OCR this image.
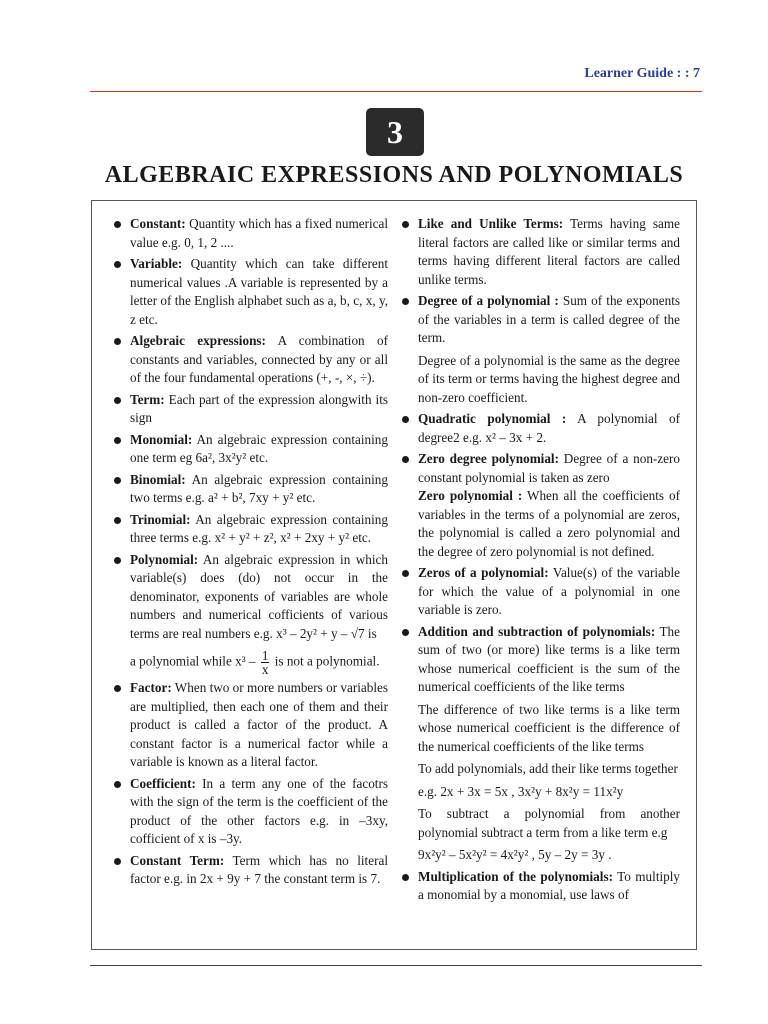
Learner Guide : : 7
3
ALGEBRAIC EXPRESSIONS AND POLYNOMIALS
Constant: Quantity which has a fixed numerical value e.g. 0, 1, 2 ....
Variable: Quantity which can take different numerical values .A variable is represented by a letter of the English alphabet such as a, b, c, x, y, z etc.
Algebraic expressions: A combination of constants and variables, connected by any or all of the four fundamental operations (+, -, ×, ÷).
Term: Each part of the expression alongwith its sign
Monomial: An algebraic expression containing one term eg 6a², 3x²y² etc.
Binomial: An algebraic expression containing two terms e.g. a² + b², 7xy + y² etc.
Trinomial: An algebraic expression containing three terms e.g. x² + y² + z², x² + 2xy + y² etc.
Polynomial: An algebraic expression in which variable(s) does (do) not occur in the denominator, exponents of variables are whole numbers and numerical cofficients of various terms are real numbers e.g. x³ – 2y² + y – √7 is
a polynomial while $x^3 - \frac{1}{x}$ is not a polynomial.
Factor: When two or more numbers or variables are multiplied, then each one of them and their product is called a factor of the product. A constant factor is a numerical factor while a variable is known as a literal factor.
Coefficient: In a term any one of the facotrs with the sign of the term is the coefficient of the product of the other factors e.g. in –3xy, cofficient of x is –3y.
Constant Term: Term which has no literal factor e.g. in 2x + 9y + 7 the constant term is 7.
Like and Unlike Terms: Terms having same literal factors are called like or similar terms and terms having different literal factors are called unlike terms.
Degree of a polynomial : Sum of the exponents of the variables in a term is called degree of the term.
Degree of a polynomial is the same as the degree of its term or terms having the highest degree and non-zero coefficient.
Quadratic polynomial : A polynomial of degree2 e.g. x² – 3x + 2.
Zero degree polynomial: Degree of a non-zero constant polynomial is taken as zero
Zero polynomial : When all the coefficients of variables in the terms of a polynomial are zeros, the polynomial is called a zero polynomial and the degree of zero polynomial is not defined.
Zeros of a polynomial: Value(s) of the variable for which the value of a polynomial in one variable is zero.
Addition and subtraction of polynomials: The sum of two (or more) like terms is a like term whose numerical coefficient is the sum of the numerical coefficients of the like terms
The difference of two like terms is a like term whose numerical coefficient is the difference of the numerical coefficients of the like terms
To add polynomials, add their like terms together
e.g. 2x + 3x = 5x , 3x²y + 8x²y = 11x²y
To subtract a polynomial from another polynomial subtract a term from a like term e.g
9x²y² – 5x²y² = 4x²y² , 5y – 2y = 3y .
Multiplication of the polynomials: To multiply a monomial by a monomial, use laws of
